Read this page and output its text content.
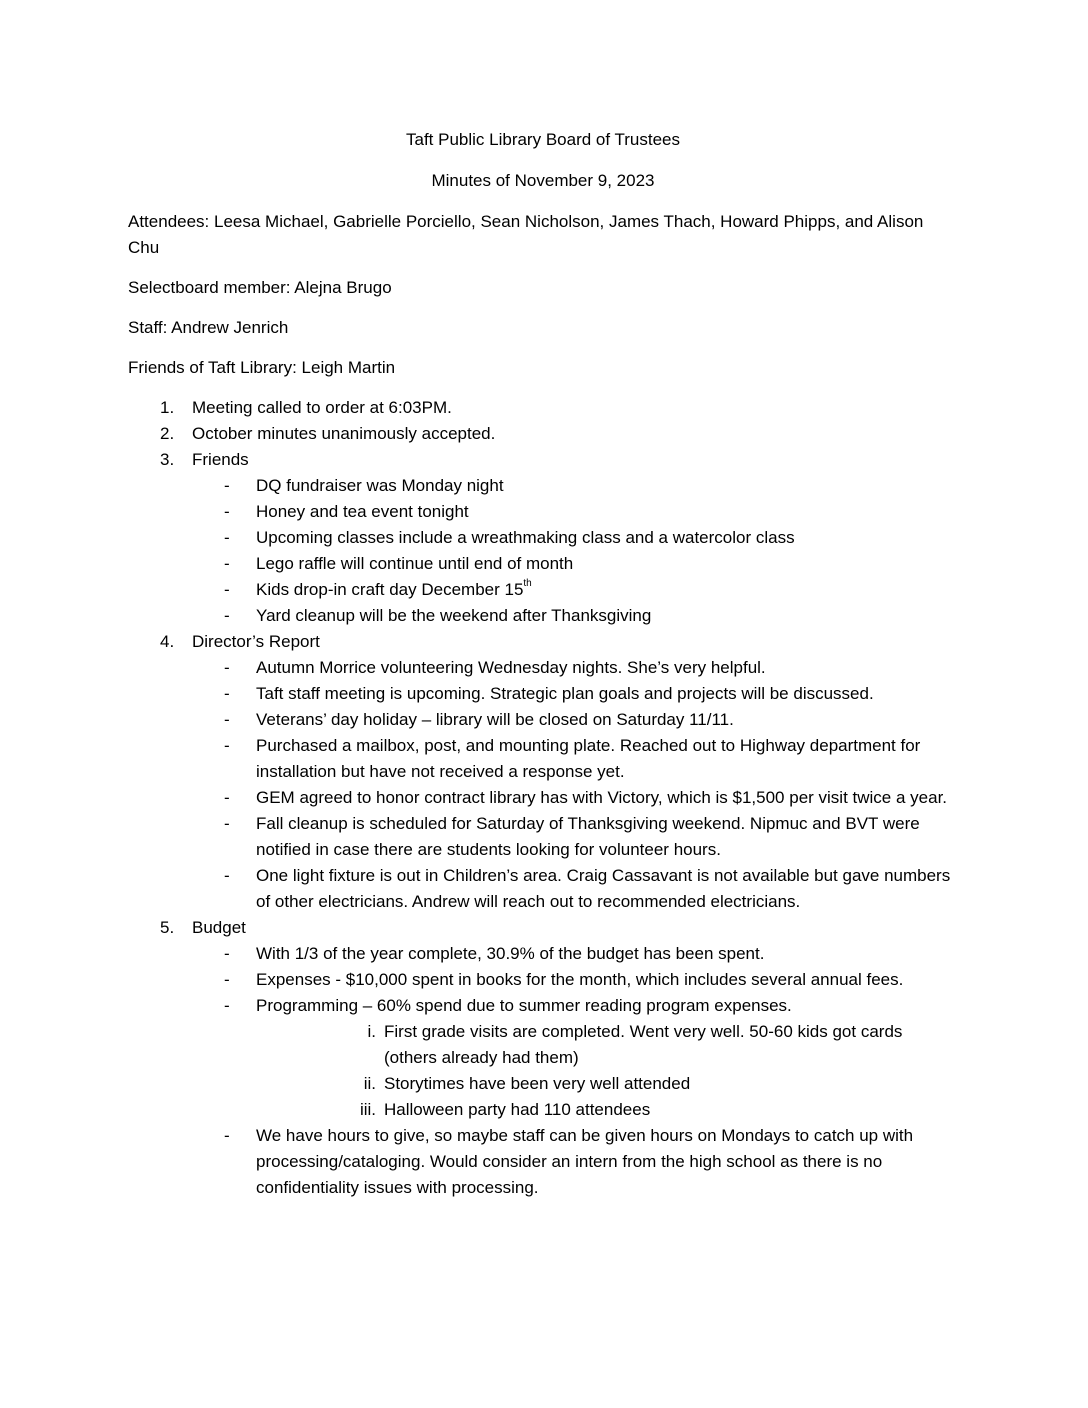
Taft Public Library Board of Trustees

Minutes of November 9, 2023

Attendees: Leesa Michael, Gabrielle Porciello, Sean Nicholson, James Thach, Howard Phipps, and Alison Chu

Selectboard member: Alejna Brugo

Staff: Andrew Jenrich

Friends of Taft Library: Leigh Martin

1.	Meeting called to order at 6:03PM.
2.	October minutes unanimously accepted.
3.	Friends
- DQ fundraiser was Monday night
- Honey and tea event tonight
- Upcoming classes include a wreathmaking class and a watercolor class
- Lego raffle will continue until end of month
- Kids drop-in craft day December 15th
- Yard cleanup will be the weekend after Thanksgiving
4.	Director’s Report
- Autumn Morrice volunteering Wednesday nights. She’s very helpful.
- Taft staff meeting is upcoming. Strategic plan goals and projects will be discussed.
- Veterans’ day holiday – library will be closed on Saturday 11/11.
- Purchased a mailbox, post, and mounting plate. Reached out to Highway department for installation but have not received a response yet.
- GEM agreed to honor contract library has with Victory, which is $1,500 per visit twice a year.
- Fall cleanup is scheduled for Saturday of Thanksgiving weekend. Nipmuc and BVT were notified in case there are students looking for volunteer hours.
- One light fixture is out in Children’s area. Craig Cassavant is not available but gave numbers of other electricians. Andrew will reach out to recommended electricians.
5.	Budget
- With 1/3 of the year complete, 30.9% of the budget has been spent.
- Expenses - $10,000 spent in books for the month, which includes several annual fees.
- Programming – 60% spend due to summer reading program expenses.
i. First grade visits are completed. Went very well. 50-60 kids got cards (others already had them)
ii. Storytimes have been very well attended
iii. Halloween party had 110 attendees
- We have hours to give, so maybe staff can be given hours on Mondays to catch up with processing/cataloging. Would consider an intern from the high school as there is no confidentiality issues with processing.
